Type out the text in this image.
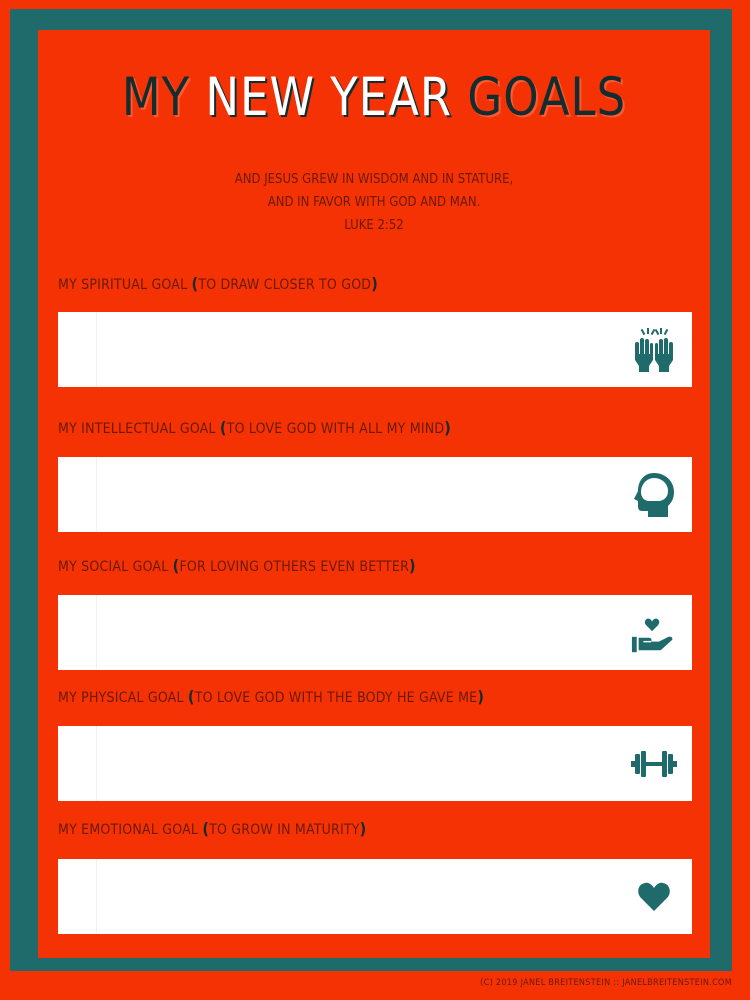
MY NEW YEAR GOALS
AND JESUS GREW IN WISDOM AND IN STATURE,
AND IN FAVOR WITH GOD AND MAN.
LUKE 2:52
MY SPIRITUAL GOAL (TO DRAW CLOSER TO GOD)
MY INTELLECTUAL GOAL (TO LOVE GOD WITH ALL MY MIND)
MY SOCIAL GOAL (FOR LOVING OTHERS EVEN BETTER)
MY PHYSICAL GOAL (TO LOVE GOD WITH THE BODY HE GAVE ME)
MY EMOTIONAL GOAL (TO GROW IN MATURITY)
(C) 2019 JANEL BREITENSTEIN :: JANELBREITENSTEIN.COM
